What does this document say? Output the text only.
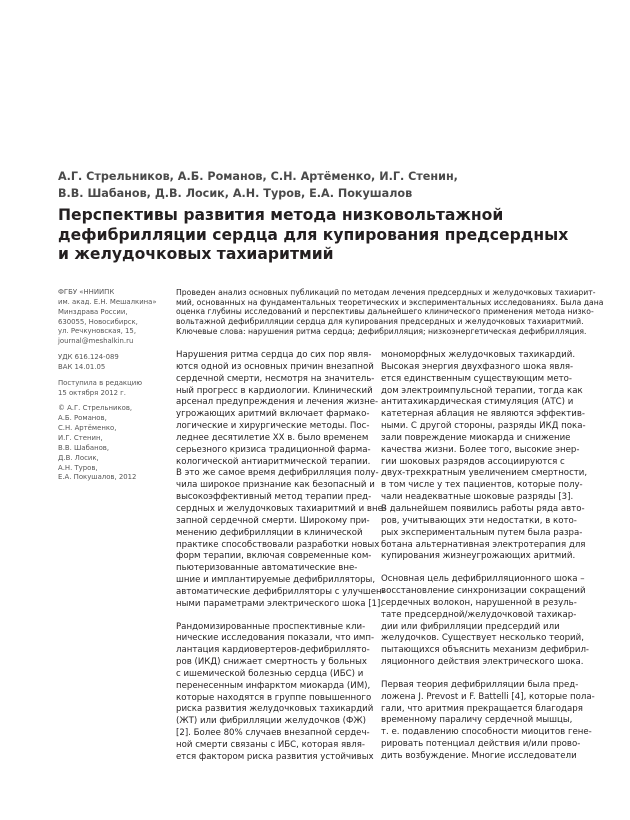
А.Г. Стрельников, А.Б. Романов, С.Н. Артёменко, И.Г. Стенин,
В.В. Шабанов, Д.В. Лосик, А.Н. Туров, Е.А. Покушалов
Перспективы развития метода низковольтажной
дефибрилляции сердца для купирования предсердных
и желудочковых тахиаритмий
ФГБУ «ННИИПК
им. акад. Е.Н. Мешалкина»
Минздрава России,
630055, Новосибирск,
ул. Речкуновская, 15,
journal@meshalkin.ru
УДК 616.124-089
ВАК 14.01.05
Поступила в редакцию
15 октября 2012 г.
© А.Г. Стрельников,
А.Б. Романов,
С.Н. Артёменко,
И.Г. Стенин,
В.В. Шабанов,
Д.В. Лосик,
А.Н. Туров,
Е.А. Покушалов, 2012
Проведен анализ основных публикаций по методам лечения предсердных и желудочковых тахиарит-
мий, основанных на фундаментальных теоретических и экспериментальных исследованиях. Была дана
оценка глубины исследований и перспективы дальнейшего клинического применения метода низко-
вольтажной дефибрилляции сердца для купирования предсердных и желудочковых тахиаритмий.
Ключевые слова: нарушения ритма сердца; дефибрилляция; низкоэнергетическая дефибрилляция.
Нарушения ритма сердца до сих пор явля-
ются одной из основных причин внезапной
сердечной смерти, несмотря на значитель-
ный прогресс в кардиологии. Клинический
арсенал предупреждения и лечения жизне-
угрожающих аритмий включает фармако-
логические и хирургические методы. Пос-
леднее десятилетие XX в. было временем
серьезного кризиса традиционной фарма-
кологической антиаритмической терапии.
В это же самое время дефибрилляция полу-
чила широкое признание как безопасный и
высокоэффективный метод терапии пред-
сердных и желудочковых тахиаритмий и вне-
запной сердечной смерти. Широкому при-
менению дефибрилляции в клинической
практике способствовали разработки новых
форм терапии, включая современные ком-
пьютеризованные автоматические вне-
шние и имплантируемые дефибрилляторы,
автоматические дефибрилляторы с улучшен-
ными параметрами электрического шока [1].
Рандомизированные проспективные кли-
нические исследования показали, что имп-
лантация кардиовертеров-дефибриллято-
ров (ИКД) снижает смертность у больных
с ишемической болезнью сердца (ИБС) и
перенесенным инфарктом миокарда (ИМ),
которые находятся в группе повышенного
риска развития желудочковых тахикардий
(ЖТ) или фибрилляции желудочков (ФЖ)
[2]. Более 80% случаев внезапной сердеч-
ной смерти связаны с ИБС, которая явля-
ется фактором риска развития устойчивых
мономорфных желудочковых тахикардий.
Высокая энергия двухфазного шока явля-
ется единственным существующим мето-
дом электроимпульсной терапии, тогда как
антитахикардическая стимуляция (АТС) и
катетерная аблация не являются эффектив-
ными. С другой стороны, разряды ИКД пока-
зали повреждение миокарда и снижение
качества жизни. Более того, высокие энер-
гии шоковых разрядов ассоциируются с
двух-трехкратным увеличением смертности,
в том числе у тех пациентов, которые полу-
чали неадекватные шоковые разряды [3].
В дальнейшем появились работы ряда авто-
ров, учитывающих эти недостатки, в кото-
рых экспериментальным путем была разра-
ботана альтернативная электротерапия для
купирования жизнеугрожающих аритмий.
Основная цель дефибрилляционного шока –
восстановление синхронизации сокращений
сердечных волокон, нарушенной в резуль-
тате предсердной/желудочковой тахикар-
дии или фибрилляции предсердий или
желудочков. Существует несколько теорий,
пытающихся объяснить механизм дефибрил-
ляционного действия электрического шока.
Первая теория дефибрилляции была пред-
ложена J. Prevost и F. Battelli [4], которые пола-
гали, что аритмия прекращается благодаря
временному параличу сердечной мышцы,
т. е. подавлению способности миоцитов гене-
рировать потенциал действия и/или прово-
дить возбуждение. Многие исследователи
